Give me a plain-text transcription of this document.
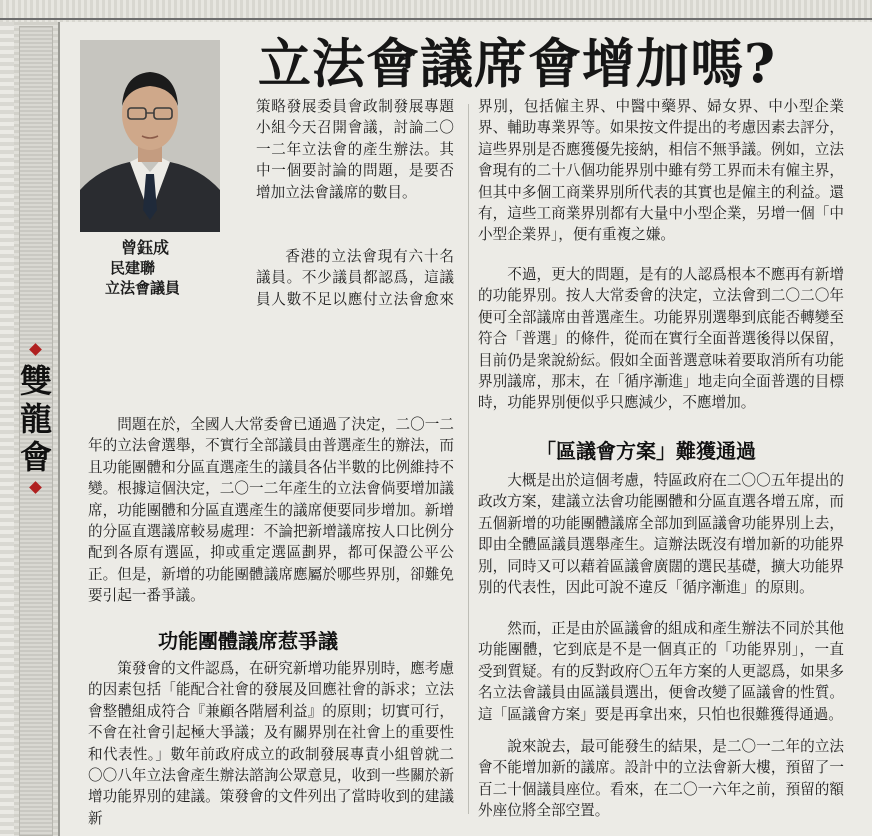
雙
龍
會
曾鈺成
民建聯
立法會議員
立法會議席會增加嗎?

策略發展委員會政制發展專題小組今天召開會議，討論二〇一二年立法會的產生辦法。其中一個要討論的問題，是要否增加立法會議席的數目。

香港的立法會現有六十名議員。不少議員都認爲，這議員人數不足以應付立法會愈來

問題在於，全國人大常委會已通過了決定，二〇一二年的立法會選舉，不實行全部議員由普選產生的辦法，而且功能團體和分區直選產生的議員各佔半數的比例維持不變。根據這個決定，二〇一二年產生的立法會倘要增加議席，功能團體和分區直選產生的議席便要同步增加。新增的分區直選議席較易處理：不論把新增議席按人口比例分配到各原有選區，抑或重定選區劃界，都可保證公平公正。但是，新增的功能團體議席應屬於哪些界別，卻難免要引起一番爭議。

功能團體議席惹爭議

策發會的文件認爲，在研究新增功能界別時，應考慮的因素包括「能配合社會的發展及回應社會的訴求；立法會整體組成符合『兼顧各階層利益』的原則；切實可行，不會在社會引起極大爭議；及有關界別在社會上的重要性和代表性。」數年前政府成立的政制發展專責小組曾就二〇〇八年立法會產生辦法諮詢公眾意見，收到一些關於新增功能界別的建議。策發會的文件列出了當時收到的建議新

界別，包括僱主界、中醫中藥界、婦女界、中小型企業界、輔助專業界等。如果按文件提出的考慮因素去評分，這些界別是否應獲優先接納，相信不無爭議。例如，立法會現有的二十八個功能界別中雖有勞工界而未有僱主界，但其中多個工商業界別所代表的其實也是僱主的利益。還有，這些工商業界別都有大量中小型企業，另增一個「中小型企業界」，便有重複之嫌。

不過，更大的問題，是有的人認爲根本不應再有新增的功能界別。按人大常委會的決定，立法會到二〇二〇年便可全部議席由普選產生。功能界別選舉到底能否轉變至符合「普選」的條件，從而在實行全面普選後得以保留，目前仍是衆說紛紜。假如全面普選意味着要取消所有功能界別議席，那末，在「循序漸進」地走向全面普選的目標時，功能界別便似乎只應減少，不應增加。

「區議會方案」難獲通過

大概是出於這個考慮，特區政府在二〇〇五年提出的政改方案，建議立法會功能團體和分區直選各增五席，而五個新增的功能團體議席全部加到區議會功能界別上去，即由全體區議員選舉產生。這辦法既沒有增加新的功能界別，同時又可以藉着區議會廣闊的選民基礎，擴大功能界別的代表性，因此可說不違反「循序漸進」的原則。

然而，正是由於區議會的組成和產生辦法不同於其他功能團體，它到底是不是一個真正的「功能界別」，一直受到質疑。有的反對政府〇五年方案的人更認爲，如果多名立法會議員由區議員選出，便會改變了區議會的性質。這「區議會方案」要是再拿出來，只怕也很難獲得通過。

說來說去，最可能發生的結果，是二〇一二年的立法會不能增加新的議席。設計中的立法會新大樓，預留了一百二十個議員座位。看來，在二〇一六年之前，預留的額外座位將全部空置。
